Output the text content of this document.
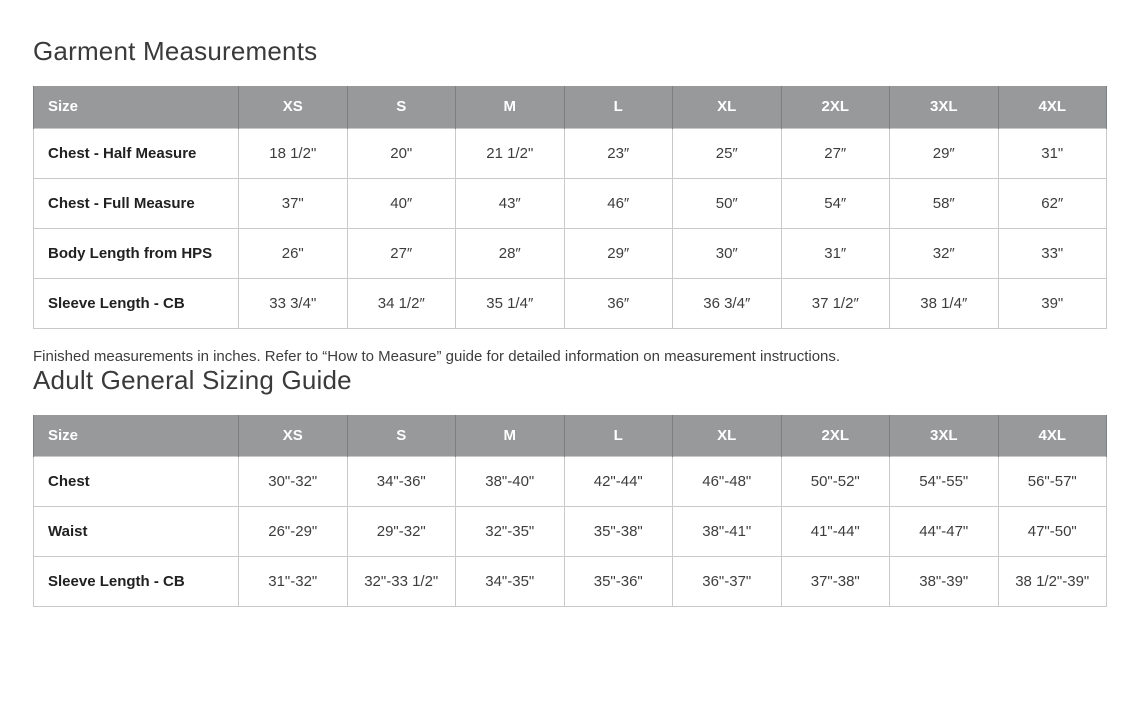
Garment Measurements
Size	XS	S	M	L	XL	2XL	3XL	4XL
Chest - Half Measure	18 1/2"	20"	21 1/2"	23″	25″	27″	29″	31"
Chest - Full Measure	37"	40″	43″	46″	50″	54″	58″	62″
Body Length from HPS	26"	27″	28″	29″	30″	31″	32″	33"
Sleeve Length - CB	33 3/4"	34 1/2″	35 1/4″	36″	36 3/4″	37 1/2″	38 1/4″	39"

Finished measurements in inches. Refer to “How to Measure” guide for detailed information on measurement instructions.

Adult General Sizing Guide
Size	XS	S	M	L	XL	2XL	3XL	4XL
Chest	30"-32"	34"-36"	38"-40"	42"-44"	46"-48"	50"-52"	54"-55"	56"-57"
Waist	26"-29"	29"-32"	32"-35"	35"-38"	38"-41"	41"-44"	44"-47"	47"-50"
Sleeve Length - CB	31"-32"	32"-33 1/2"	34"-35"	35"-36"	36"-37"	37"-38"	38"-39"	38 1/2"-39"
